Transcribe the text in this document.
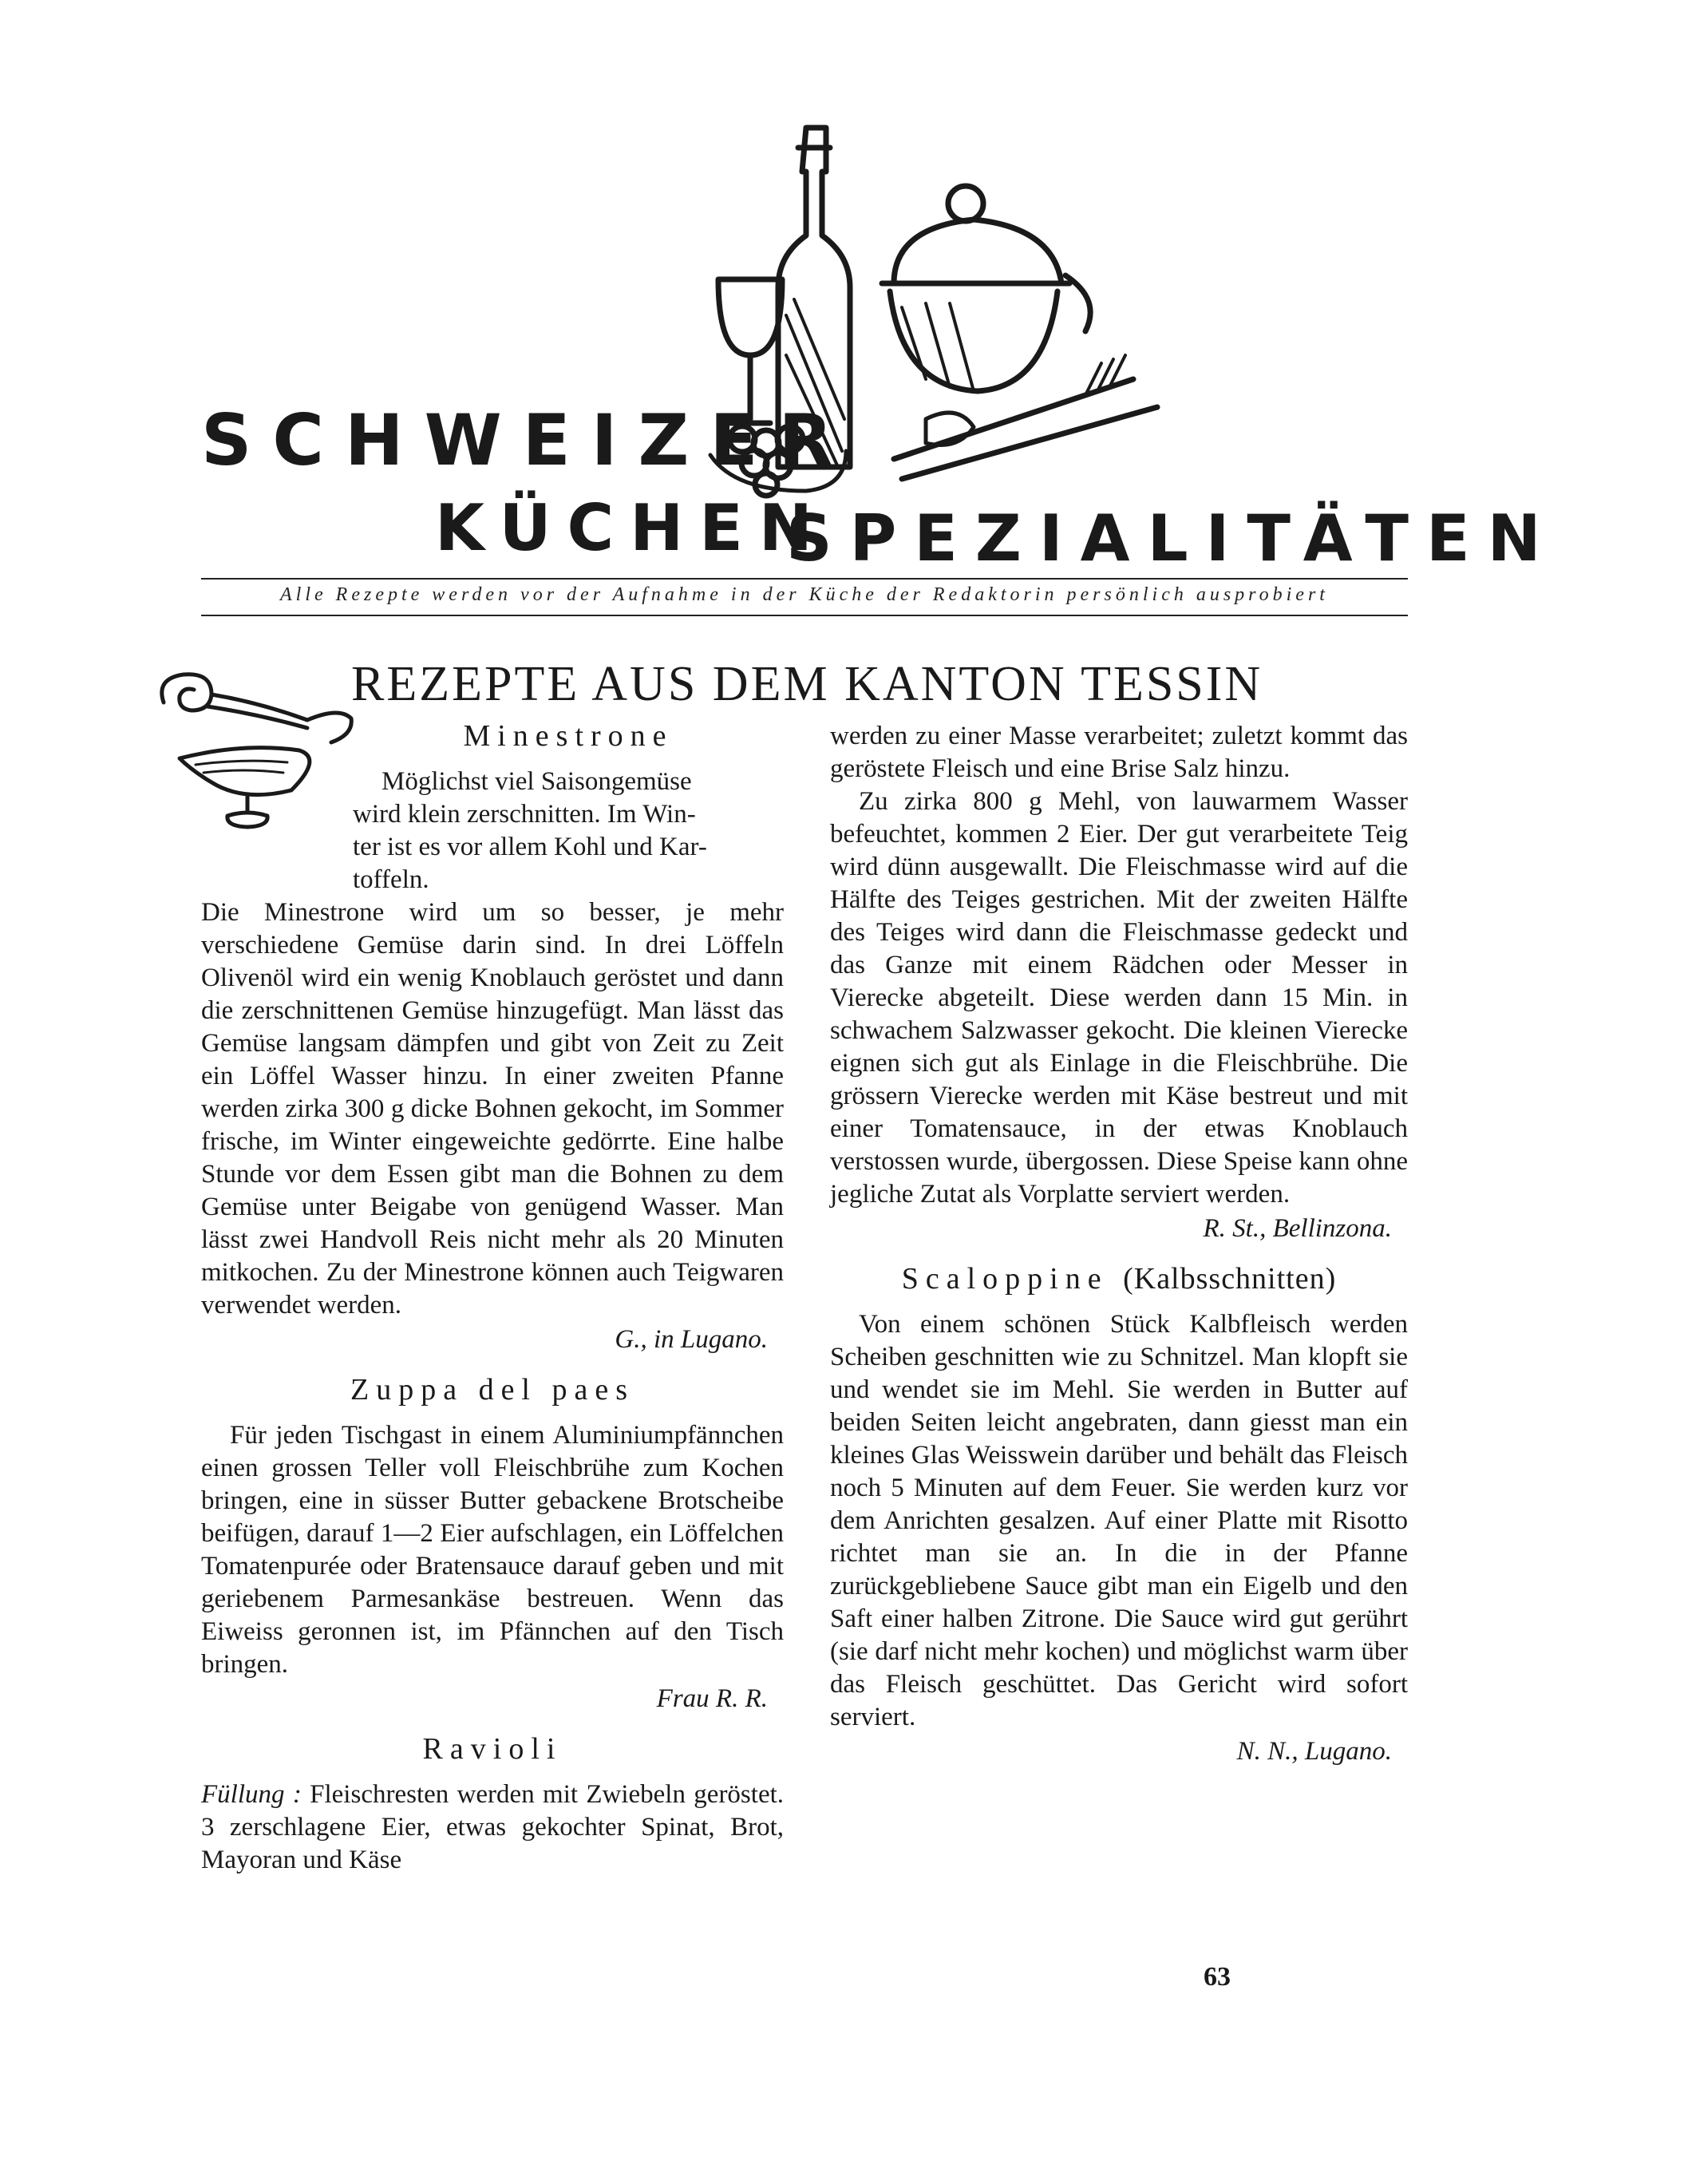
SCHWEIZER
KÜCHEN
SPEZIALITÄTEN

Alle Rezepte werden vor der Aufnahme in der Küche der Redaktorin persönlich ausprobiert

REZEPTE AUS DEM KANTON TESSIN
Minestrone

Möglichst viel Saisongemüse

wird klein zerschnitten. Im Win-

ter ist es vor allem Kohl und Kar-

toffeln.

Die Minestrone wird um so besser, je mehr verschiedene Gemüse darin sind. In drei Löffeln Olivenöl wird ein wenig Knoblauch geröstet und dann die zerschnittenen Gemüse hinzugefügt. Man lässt das Gemüse langsam dämpfen und gibt von Zeit zu Zeit ein Löffel Wasser hinzu. In einer zweiten Pfanne werden zirka 300 g dicke Bohnen gekocht, im Sommer frische, im Winter eingeweichte gedörrte. Eine halbe Stunde vor dem Essen gibt man die Bohnen zu dem Gemüse unter Beigabe von genügend Wasser. Man lässt zwei Handvoll Reis nicht mehr als 20 Minuten mitkochen. Zu der Minestrone können auch Teigwaren verwendet werden.

G., in Lugano.

Zuppa del paes

Für jeden Tischgast in einem Aluminiumpfännchen einen grossen Teller voll Fleischbrühe zum Kochen bringen, eine in süsser Butter gebackene Brotscheibe beifügen, darauf 1—2 Eier aufschlagen, ein Löffelchen Tomatenpurée oder Bratensauce darauf geben und mit geriebenem Parmesankäse bestreuen. Wenn das Eiweiss geronnen ist, im Pfännchen auf den Tisch bringen.

Frau R. R.

Ravioli

Füllung : Fleischresten werden mit Zwiebeln geröstet. 3 zerschlagene Eier, etwas gekochter Spinat, Brot, Mayoran und Käse

werden zu einer Masse verarbeitet; zuletzt kommt das geröstete Fleisch und eine Brise Salz hinzu.

Zu zirka 800 g Mehl, von lauwarmem Wasser befeuchtet, kommen 2 Eier. Der gut verarbeitete Teig wird dünn ausgewallt. Die Fleischmasse wird auf die Hälfte des Teiges gestrichen. Mit der zweiten Hälfte des Teiges wird dann die Fleischmasse gedeckt und das Ganze mit einem Rädchen oder Messer in Vierecke abgeteilt. Diese werden dann 15 Min. in schwachem Salzwasser gekocht. Die kleinen Vierecke eignen sich gut als Einlage in die Fleischbrühe. Die grössern Vierecke werden mit Käse bestreut und mit einer Tomatensauce, in der etwas Knoblauch verstossen wurde, übergossen. Diese Speise kann ohne jegliche Zutat als Vorplatte serviert werden.

R. St., Bellinzona.

Scaloppine (Kalbsschnitten)

Von einem schönen Stück Kalbfleisch werden Scheiben geschnitten wie zu Schnitzel. Man klopft sie und wendet sie im Mehl. Sie werden in Butter auf beiden Seiten leicht angebraten, dann giesst man ein kleines Glas Weisswein darüber und behält das Fleisch noch 5 Minuten auf dem Feuer. Sie werden kurz vor dem Anrichten gesalzen. Auf einer Platte mit Risotto richtet man sie an. In die in der Pfanne zurückgebliebene Sauce gibt man ein Eigelb und den Saft einer halben Zitrone. Die Sauce wird gut gerührt (sie darf nicht mehr kochen) und möglichst warm über das Fleisch geschüttet. Das Gericht wird sofort serviert.

N. N., Lugano.

63
